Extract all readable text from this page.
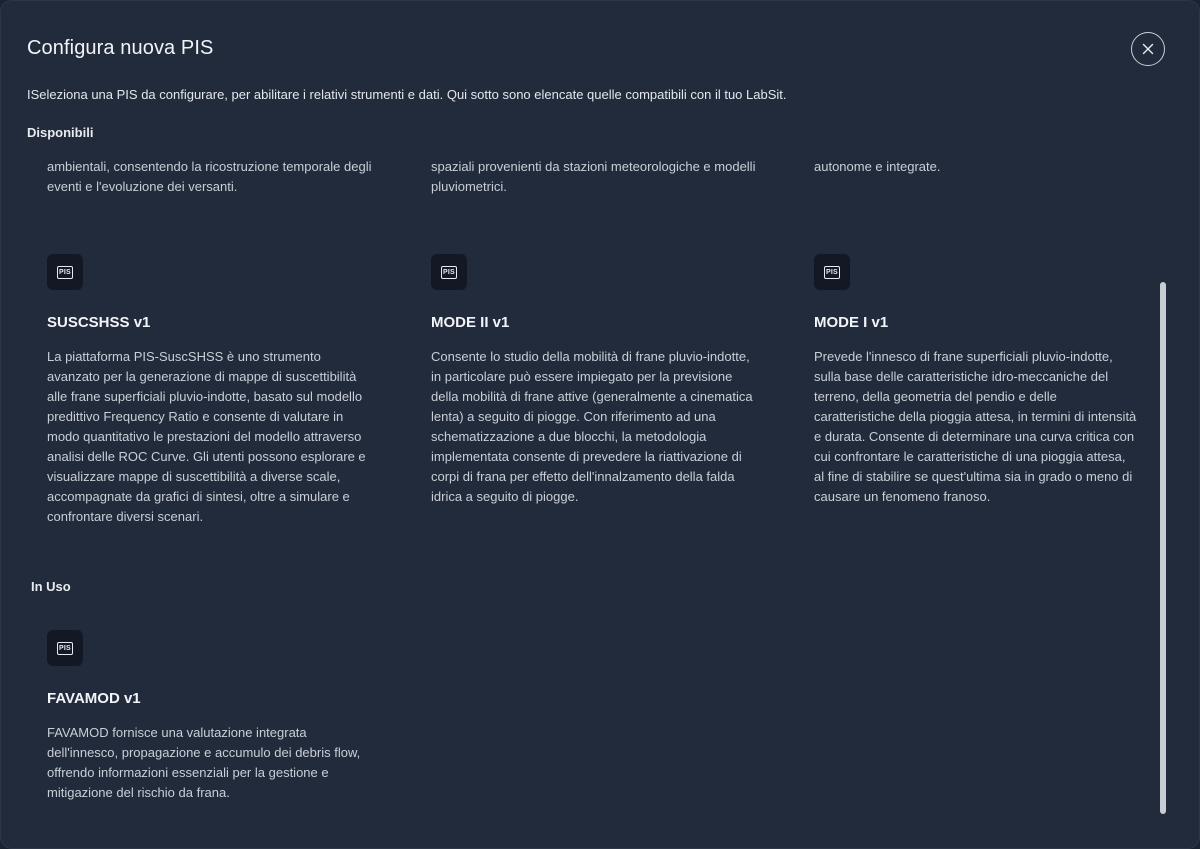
Configura nuova PIS

ISeleziona una PIS da configurare, per abilitare i relativi strumenti e dati. Qui sotto sono elencate quelle compatibili con il tuo LabSit.

Disponibili

ambientali, consentendo la ricostruzione temporale degli eventi e l'evoluzione dei versanti.

spaziali provenienti da stazioni meteorologiche e modelli pluviometrici.

autonome e integrate.

PIS
SUSCSHSS v1

La piattaforma PIS-SuscSHSS è uno strumento avanzato per la generazione di mappe di suscettibilità alle frane superficiali pluvio-indotte, basato sul modello predittivo Frequency Ratio e consente di valutare in modo quantitativo le prestazioni del modello attraverso analisi delle ROC Curve. Gli utenti possono esplorare e visualizzare mappe di suscettibilità a diverse scale, accompagnate da grafici di sintesi, oltre a simulare e confrontare diversi scenari.

PIS
MODE II v1

Consente lo studio della mobilità di frane pluvio-indotte, in particolare può essere impiegato per la previsione della mobilità di frane attive (generalmente a cinematica lenta) a seguito di piogge. Con riferimento ad una schematizzazione a due blocchi, la metodologia implementata consente di prevedere la riattivazione di corpi di frana per effetto dell'innalzamento della falda idrica a seguito di piogge.

PIS
MODE I v1

Prevede l'innesco di frane superficiali pluvio-indotte, sulla base delle caratteristiche idro-meccaniche del terreno, della geometria del pendio e delle caratteristiche della pioggia attesa, in termini di intensità e durata. Consente di determinare una curva critica con cui confrontare le caratteristiche di una pioggia attesa, al fine di stabilire se quest'ultima sia in grado o meno di causare un fenomeno franoso.

In Uso

PIS
FAVAMOD v1

FAVAMOD fornisce una valutazione integrata dell'innesco, propagazione e accumulo dei debris flow, offrendo informazioni essenziali per la gestione e mitigazione del rischio da frana.
